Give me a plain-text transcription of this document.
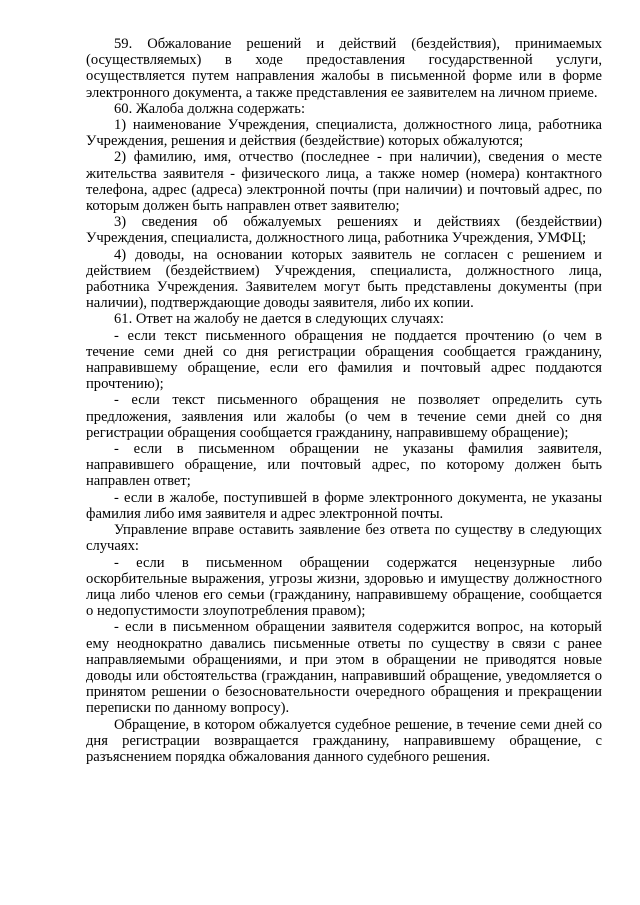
59. Обжалование решений и действий (бездействия), принимаемых (осуществляемых) в ходе предоставления государственной услуги, осуществляется путем направления жалобы в письменной форме или в форме электронного документа, а также представления ее заявителем на личном приеме.

60. Жалоба должна содержать:

1) наименование Учреждения, специалиста, должностного лица, работника Учреждения, решения и действия (бездействие) которых обжалуются;

2) фамилию, имя, отчество (последнее - при наличии), сведения о месте жительства заявителя - физического лица, а также номер (номера) контактного телефона, адрес (адреса) электронной почты (при наличии) и почтовый адрес, по которым должен быть направлен ответ заявителю;

3) сведения об обжалуемых решениях и действиях (бездействии) Учреждения, специалиста, должностного лица, работника Учреждения, УМФЦ;

4) доводы, на основании которых заявитель не согласен с решением и действием (бездействием) Учреждения, специалиста, должностного лица, работника Учреждения. Заявителем могут быть представлены документы (при наличии), подтверждающие доводы заявителя, либо их копии.

61. Ответ на жалобу не дается в следующих случаях:

- если текст письменного обращения не поддается прочтению (о чем в течение семи дней со дня регистрации обращения сообщается гражданину, направившему обращение, если его фамилия и почтовый адрес поддаются прочтению);

- если текст письменного обращения не позволяет определить суть предложения, заявления или жалобы (о чем в течение семи дней со дня регистрации обращения сообщается гражданину, направившему обращение);

- если в письменном обращении не указаны фамилия заявителя, направившего обращение, или почтовый адрес, по которому должен быть направлен ответ;

- если в жалобе, поступившей в форме электронного документа, не указаны фамилия либо имя заявителя и адрес электронной почты.

Управление вправе оставить заявление без ответа по существу в следующих случаях:

- если в письменном обращении содержатся нецензурные либо оскорбительные выражения, угрозы жизни, здоровью и имуществу должностного лица либо членов его семьи (гражданину, направившему обращение, сообщается о недопустимости злоупотребления правом);

- если в письменном обращении заявителя содержится вопрос, на который ему неоднократно давались письменные ответы по существу в связи с ранее направляемыми обращениями, и при этом в обращении не приводятся новые доводы или обстоятельства (гражданин, направивший обращение, уведомляется о принятом решении о безосновательности очередного обращения и прекращении переписки по данному вопросу).

Обращение, в котором обжалуется судебное решение, в течение семи дней со дня регистрации возвращается гражданину, направившему обращение, с разъяснением порядка обжалования данного судебного решения.
